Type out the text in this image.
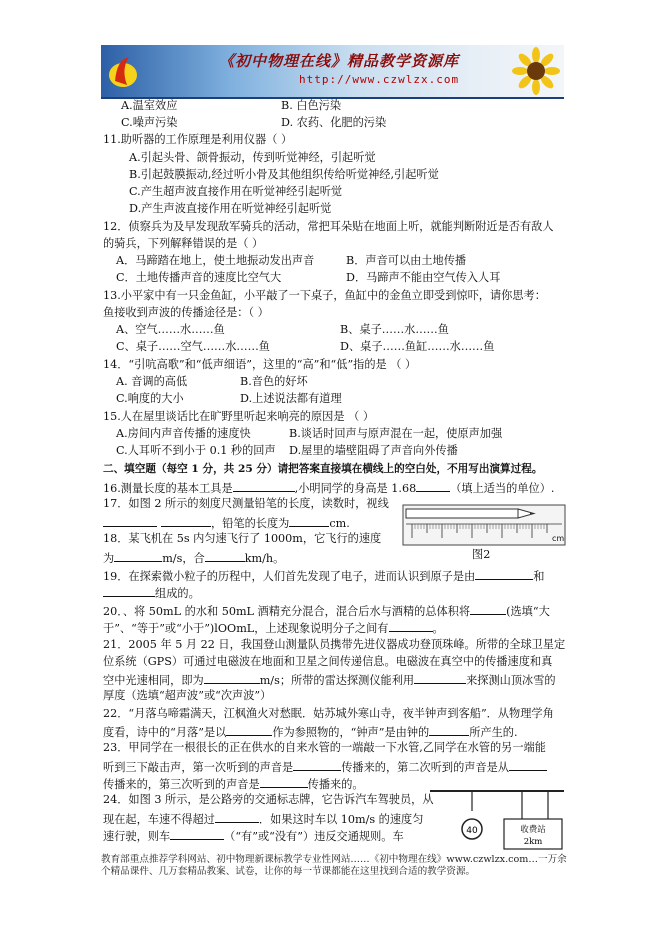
《初中物理在线》精品教学资源库
http://www.czwlzx.com
A.温室效应	B. 白色污染
C.噪声污染	D. 农药、化肥的污染
11.助听器的工作原理是利用仪器（ ）
A.引起头骨、颌骨振动，传到听觉神经，引起听觉
B.引起鼓膜振动,经过听小骨及其他组织传给听觉神经,引起听觉
C.产生超声波直接作用在听觉神经引起听觉
D.产生声波直接作用在听觉神经引起听觉
12．侦察兵为及早发现敌军骑兵的活动，常把耳朵贴在地面上听，就能判断附近是否有敌人
的骑兵，下列解释错误的是（ ）
A．马蹄踏在地上，使土地振动发出声音	B．声音可以由土地传播
C．土地传播声音的速度比空气大	D．马蹄声不能由空气传入人耳
13.小平家中有一只金鱼缸，小平敲了一下桌子，鱼缸中的金鱼立即受到惊吓，请你思考：
鱼接收到声波的传播途径是：（ ）
A、空气……水……鱼	B、桌子……水……鱼
C、桌子……空气……水……鱼	D、桌子……鱼缸……水……鱼
14．“引吭高歌”和“低声细语”，这里的“高”和“低”指的是 （ ）
A. 音调的高低	B.音色的好坏
C.响度的大小	D.上述说法都有道理
15.人在屋里谈话比在旷野里听起来响亮的原因是 （ ）
A.房间内声音传播的速度快	B.谈话时回声与原声混在一起，使原声加强
C.人耳听不到小于 0.1 秒的回声 D.屋里的墙壁阻碍了声音向外传播
二、填空题（每空 1 分，共 25 分）请把答案直接填在横线上的空白处，不用写出演算过程。
16.测量长度的基本工具是	,小明同学的身高是 1.68	（填上适当的单位）.
17．如图 2 所示的刻度尺测量铅笔的长度，读数时，视线
，铅笔的长度为	cm.
cm
图2
18．某飞机在 5s 内匀速飞行了 1000m，它飞行的速度
为	m/s，合	km/h。
19．在探索微小粒子的历程中，人们首先发现了电子，进而认识到原子是由	和
组成的。
20．、将 50mL 的水和 50mL 酒精充分混合，混合后水与酒精的总体积将	(选填“大
于”、“等于”或“小于”)lOOmL，上述现象说明分子之间有	。
21．2005 年 5 月 22 日，我国登山测量队员携带先进仪器成功登顶珠峰。所带的全球卫星定
位系统（GPS）可通过电磁波在地面和卫星之间传递信息。电磁波在真空中的传播速度和真
空中光速相同，即为	m/s；所带的雷达探测仪能利用	来探测山顶冰雪的
厚度（选填“超声波”或“次声波”）
22．“月落乌啼霜满天，江枫渔火对愁眠．姑苏城外寒山寺，夜半钟声到客船”．从物理学角
度看，诗中的“月落”是以	作为参照物的，“钟声”是由钟的	所产生的.
23．甲同学在一根很长的正在供水的自来水管的一端敲一下水管,乙同学在水管的另一端能
听到三下敲击声，第一次听到的声音是	传播来的，第二次听到的声音是从
传播来的，第三次听到的声音是	传播来的。
24．如图 3 所示，是公路旁的交通标志牌，它告诉汽车驾驶员，从
现在起，车速不得超过	．如果这时车以 10m/s 的速度匀
速行驶，则车	（“有”或“没有”）违反交通规则。车	40	收费站
2km
教育部重点推荐学科网站、初中物理新课标教学专业性网站……《初中物理在线》www.czwlzx.com…一万余
个精品课件、几万套精品教案、试卷，让你的每一节课都能在这里找到合适的教学资源。
